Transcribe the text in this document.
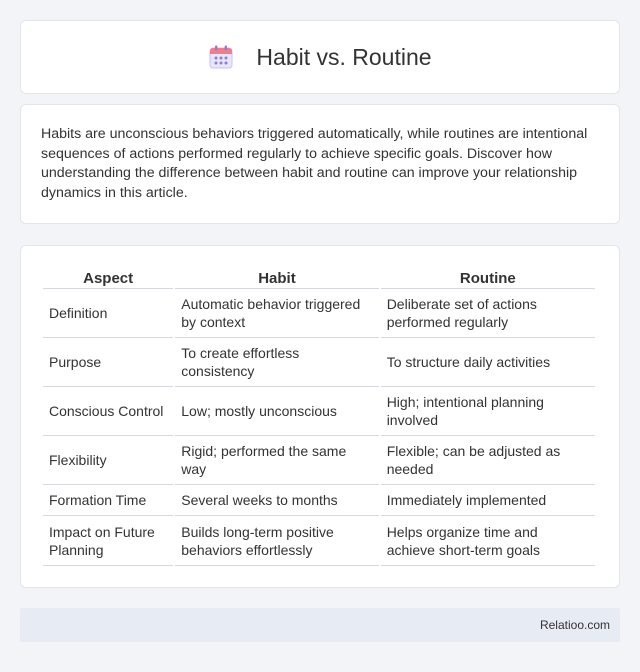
Habit vs. Routine

Habits are unconscious behaviors triggered automatically, while routines are intentional sequences of actions performed regularly to achieve specific goals. Discover how understanding the difference between habit and routine can improve your relationship dynamics in this article.

Aspect	Habit	Routine
Definition	Automatic behavior triggered by context	Deliberate set of actions performed regularly
Purpose	To create effortless consistency	To structure daily activities
Conscious Control	Low; mostly unconscious	High; intentional planning involved
Flexibility	Rigid; performed the same way	Flexible; can be adjusted as needed
Formation Time	Several weeks to months	Immediately implemented
Impact on Future Planning	Builds long-term positive behaviors effortlessly	Helps organize time and achieve short-term goals
Relatioo.com
